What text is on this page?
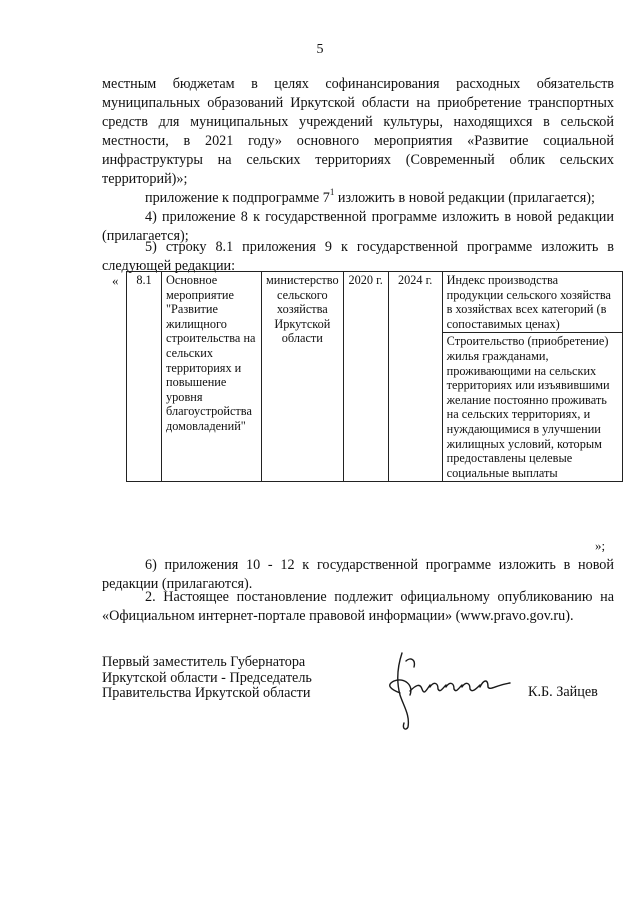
5
местным бюджетам в целях софинансирования расходных обязательств
муниципальных образований Иркутской области на приобретение транспортных
средств для муниципальных учреждений культуры, находящихся в сельской
местности, в 2021 году» основного мероприятия «Развитие социальной
инфраструктуры на сельских территориях (Современный облик сельских
территорий)»;
приложение к подпрограмме $7^1$ изложить в новой редакции (прилагается);
4) приложение 8 к государственной программе изложить в новой редакции
(прилагается);
5) строку 8.1 приложения 9 к государственной программе изложить в
следующей редакции:
« 8.1	Основное мероприятие "Развитие жилищного строительства на сельских территориях и повышение уровня благоустройства домовладений"	министерство сельского хозяйства Иркутской области	2020 г.	2024 г.	Индекс производства продукции сельского хозяйства в хозяйствах всех категорий (в сопоставимых ценах)
Строительство (приобретение) жилья гражданами, проживающими на сельских территориях или изъявившими желание постоянно проживать на сельских территориях, и нуждающимися в улучшении жилищных условий, которым предоставлены целевые социальные выплаты
»;
6) приложения 10 - 12 к государственной программе изложить в новой
редакции (прилагаются).
2. Настоящее постановление подлежит официальному опубликованию на
«Официальном интернет-портале правовой информации» (www.pravo.gov.ru).
Первый заместитель Губернатора
Иркутской области - Председатель
Правительства Иркутской области	К.Б. Зайцев
